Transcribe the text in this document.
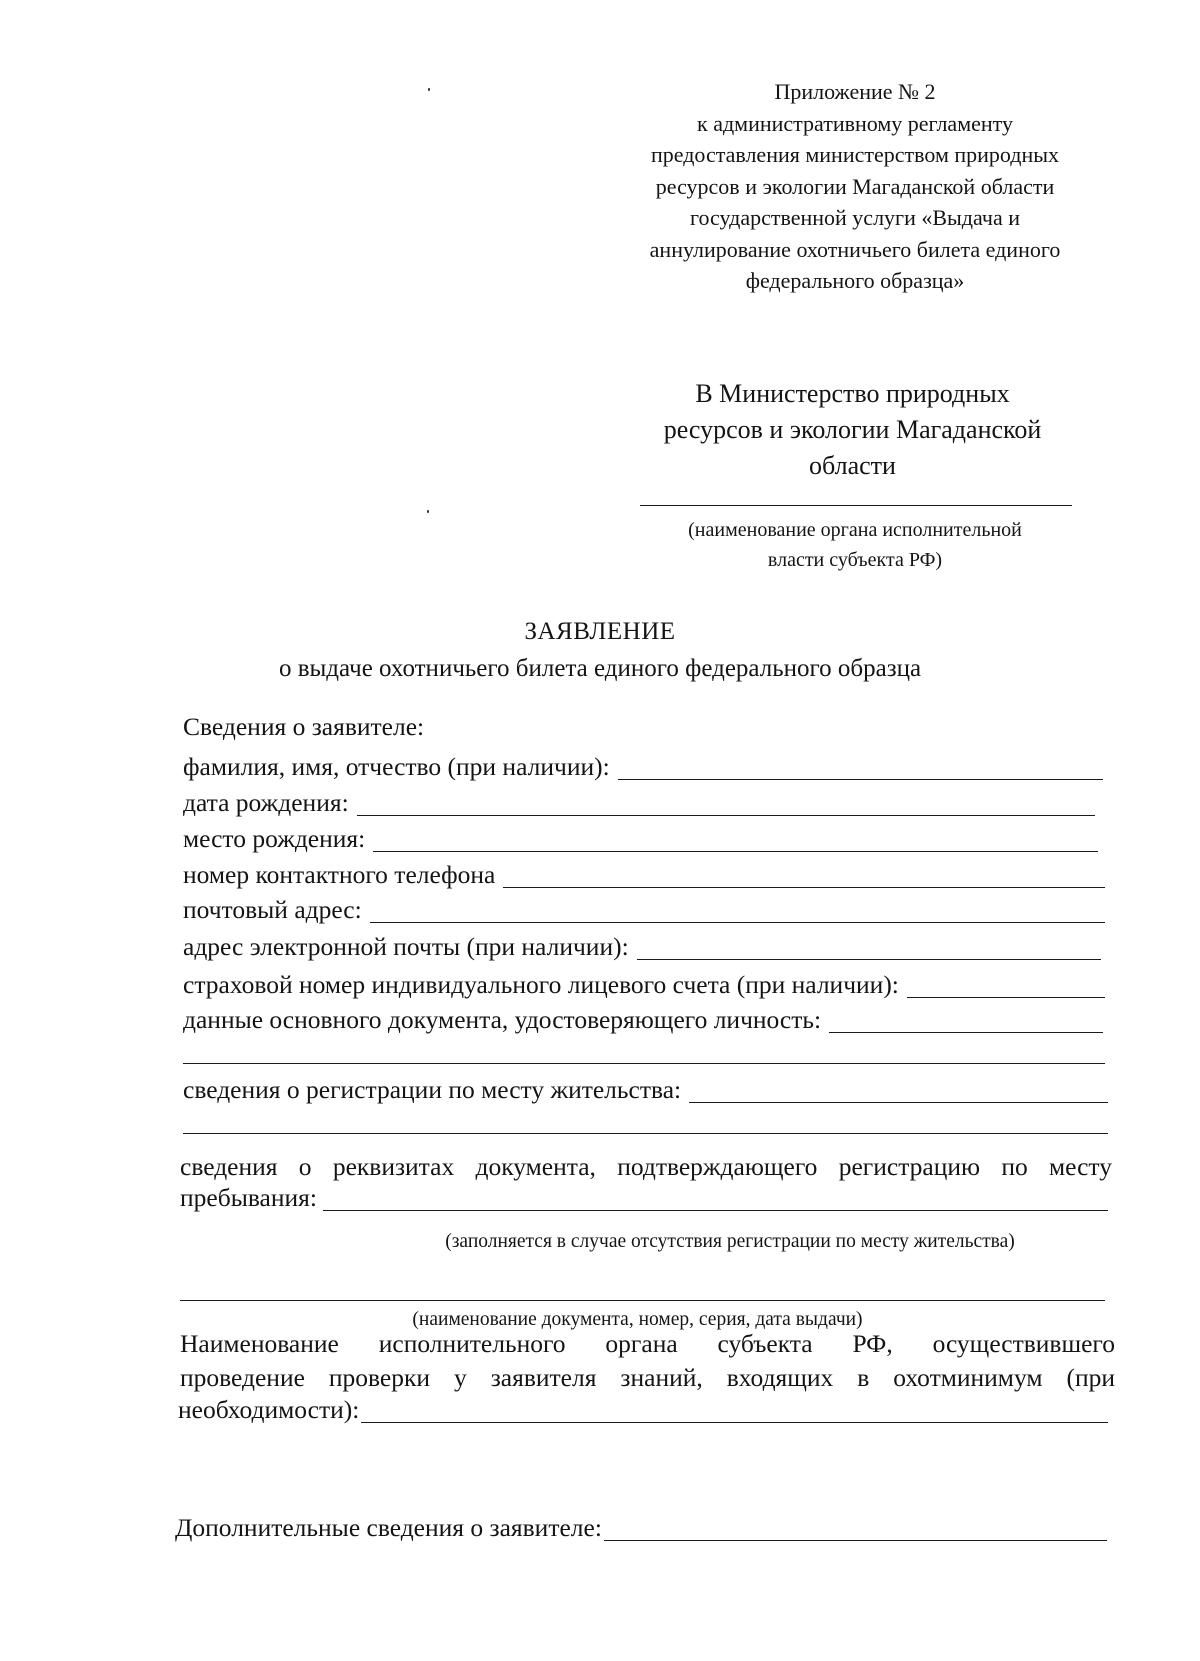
Приложение № 2
к административному регламенту
предоставления министерством природных
ресурсов и экологии Магаданской области
государственной услуги «Выдача и
аннулирование охотничьего билета единого
федерального образца»
В Министерство природных
ресурсов и экологии Магаданской
области
(наименование органа исполнительной
власти субъекта РФ)
ЗАЯВЛЕНИЕ
о выдаче охотничьего билета единого федерального образца
Сведения о заявителе:
фамилия, имя, отчество (при наличии):
дата рождения:
место рождения:
номер контактного телефона
почтовый адрес:
адрес электронной почты (при наличии):
страховой номер индивидуального лицевого счета (при наличии):
данные основного документа, удостоверяющего личность:
сведения о регистрации по месту жительства:
сведения о реквизитах документа, подтверждающего регистрацию по месту
пребывания:
(заполняется в случае отсутствия регистрации по месту жительства)
(наименование документа, номер, серия, дата выдачи)
Наименование исполнительного органа субъекта РФ, осуществившего
проведение проверки у заявителя знаний, входящих в охотминимум (при
необходимости):
Дополнительные сведения о заявителе:
